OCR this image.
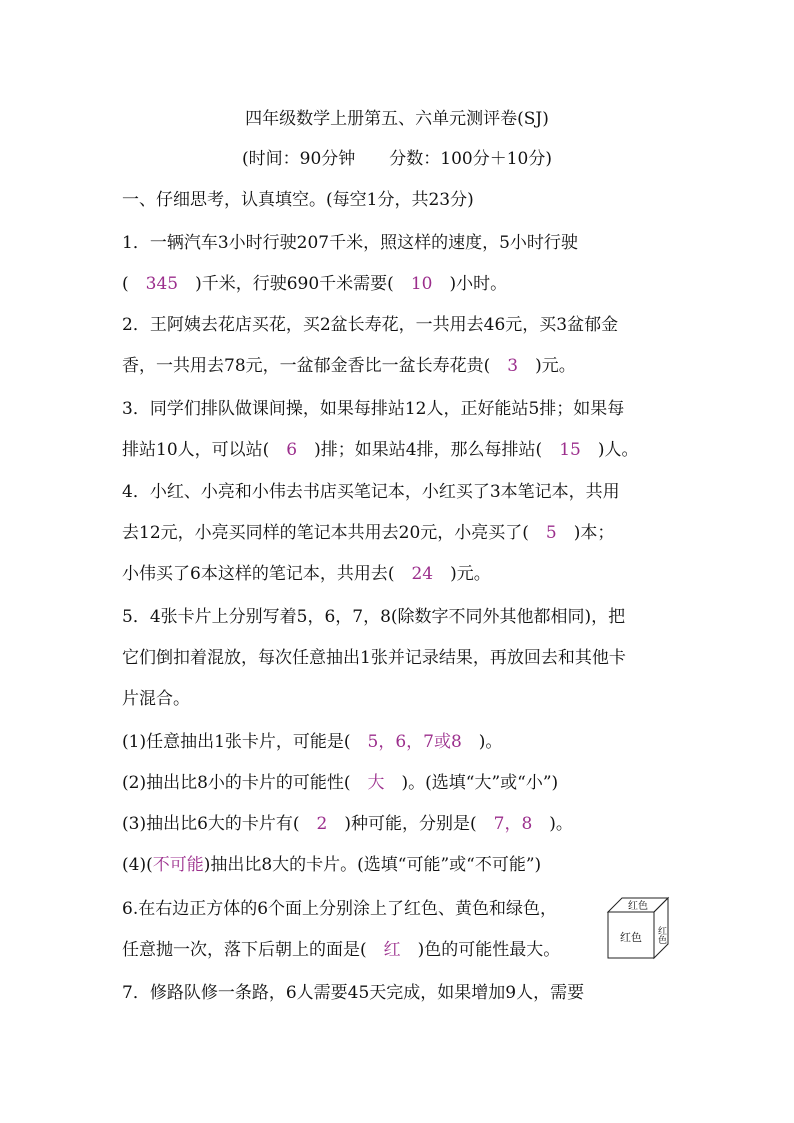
四年级数学上册第五、六单元测评卷(SJ)
(时间：90分钟　　分数：100分＋10分)
一、仔细思考，认真填空。(每空1分，共23分)
1．一辆汽车3小时行驶207千米，照这样的速度，5小时行驶
(　345　)千米，行驶690千米需要(　10　)小时。
2．王阿姨去花店买花，买2盆长寿花，一共用去46元，买3盆郁金
香，一共用去78元，一盆郁金香比一盆长寿花贵(　3　)元。
3．同学们排队做课间操，如果每排站12人，正好能站5排；如果每
排站10人，可以站(　6　)排；如果站4排，那么每排站(　15　)人。
4．小红、小亮和小伟去书店买笔记本，小红买了3本笔记本，共用
去12元，小亮买同样的笔记本共用去20元，小亮买了(　5　)本；
小伟买了6本这样的笔记本，共用去(　24　)元。
5．4张卡片上分别写着5，6，7，8(除数字不同外其他都相同)，把
它们倒扣着混放，每次任意抽出1张并记录结果，再放回去和其他卡
片混合。
(1)任意抽出1张卡片，可能是(　5，6，7或8　)。
(2)抽出比8小的卡片的可能性(　大　)。(选填“大”或“小”)
(3)抽出比6大的卡片有(　2　)种可能，分别是(　7，8　)。
(4)(不可能)抽出比8大的卡片。(选填“可能”或“不可能”)
6.在右边正方体的6个面上分别涂上了红色、黄色和绿色，
任意抛一次，落下后朝上的面是(　红　)色的可能性最大。
红色
红色
红色
7．修路队修一条路，6人需要45天完成，如果增加9人，需要
